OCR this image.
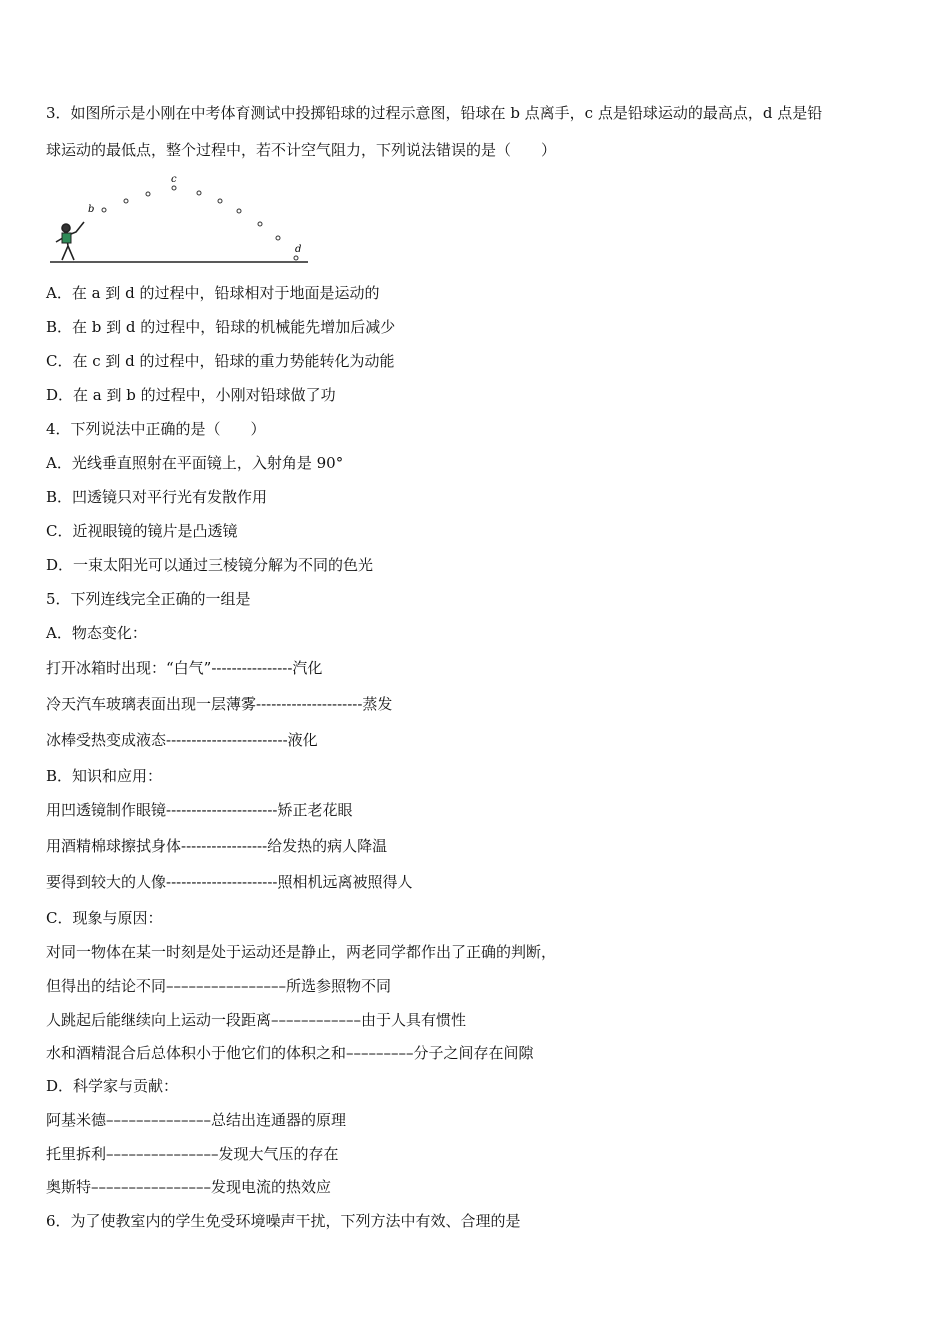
3．如图所示是小刚在中考体育测试中投掷铅球的过程示意图，铅球在 b 点离手，c 点是铅球运动的最高点，d 点是铅
球运动的最低点，整个过程中，若不计空气阻力，下列说法错误的是（　　）
b
c
d
A．在 a 到 d 的过程中，铅球相对于地面是运动的
B．在 b 到 d 的过程中，铅球的机械能先增加后减少
C．在 c 到 d 的过程中，铅球的重力势能转化为动能
D．在 a 到 b 的过程中，小刚对铅球做了功
4．下列说法中正确的是（　　）
A．光线垂直照射在平面镜上，入射角是 90°
B．凹透镜只对平行光有发散作用
C．近视眼镜的镜片是凸透镜
D．一束太阳光可以通过三棱镜分解为不同的色光
5．下列连线完全正确的一组是
A．物态变化：
打开冰箱时出现：“白气”----------------汽化
冷天汽车玻璃表面出现一层薄雾---------------------蒸发
冰棒受热变成液态------------------------液化
B．知识和应用：
用凹透镜制作眼镜----------------------矫正老花眼
用酒精棉球擦拭身体-----------------给发热的病人降温
要得到较大的人像----------------------照相机远离被照得人
C．现象与原因：
对同一物体在某一时刻是处于运动还是静止，两老同学都作出了正确的判断，
但得出的结论不同––––––––––––––––所选参照物不同
人跳起后能继续向上运动一段距离––––––––––––由于人具有惯性
水和酒精混合后总体积小于他它们的体积之和–––––––––分子之间存在间隙
D．科学家与贡献：
阿基米德––––––––––––––总结出连通器的原理
托里拆利–––––––––––––––发现大气压的存在
奥斯特––––––––––––––––发现电流的热效应
6．为了使教室内的学生免受环境噪声干扰，下列方法中有效、合理的是
